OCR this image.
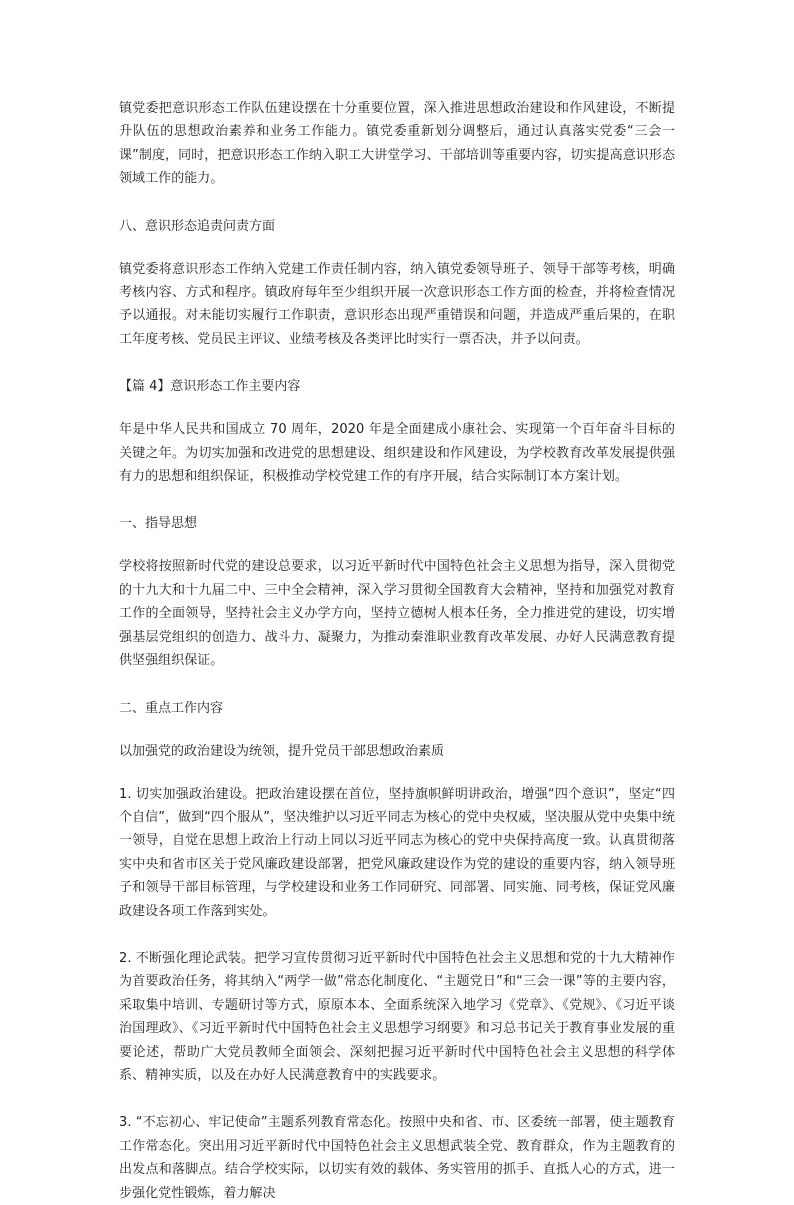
镇党委把意识形态工作队伍建设摆在十分重要位置，深入推进思想政治建设和作风建设，不断提升队伍的思想政治素养和业务工作能力。镇党委重新划分调整后，通过认真落实党委“三会一课”制度，同时，把意识形态工作纳入职工大讲堂学习、干部培训等重要内容，切实提高意识形态领域工作的能力。

八、意识形态追责问责方面

镇党委将意识形态工作纳入党建工作责任制内容，纳入镇党委领导班子、领导干部等考核，明确考核内容、方式和程序。镇政府每年至少组织开展一次意识形态工作方面的检查，并将检查情况予以通报。对未能切实履行工作职责，意识形态出现严重错误和问题，并造成严重后果的，在职工年度考核、党员民主评议、业绩考核及各类评比时实行一票否决，并予以问责。

【篇 4】意识形态工作主要内容

年是中华人民共和国成立 70 周年，2020 年是全面建成小康社会、实现第一个百年奋斗目标的关键之年。为切实加强和改进党的思想建设、组织建设和作风建设，为学校教育改革发展提供强有力的思想和组织保证，积极推动学校党建工作的有序开展，结合实际制订本方案计划。

一、指导思想

学校将按照新时代党的建设总要求，以习近平新时代中国特色社会主义思想为指导，深入贯彻党的十九大和十九届二中、三中全会精神，深入学习贯彻全国教育大会精神，坚持和加强党对教育工作的全面领导，坚持社会主义办学方向，坚持立德树人根本任务，全力推进党的建设，切实增强基层党组织的创造力、战斗力、凝聚力，为推动秦淮职业教育改革发展、办好人民满意教育提供坚强组织保证。

二、重点工作内容

以加强党的政治建设为统领，提升党员干部思想政治素质

1. 切实加强政治建设。把政治建设摆在首位，坚持旗帜鲜明讲政治，增强“四个意识”，坚定“四个自信”，做到“四个服从”，坚决维护以习近平同志为核心的党中央权威，坚决服从党中央集中统一领导，自觉在思想上政治上行动上同以习近平同志为核心的党中央保持高度一致。认真贯彻落实中央和省市区关于党风廉政建设部署，把党风廉政建设作为党的建设的重要内容，纳入领导班子和领导干部目标管理，与学校建设和业务工作同研究、同部署、同实施、同考核，保证党风廉政建设各项工作落到实处。

2. 不断强化理论武装。把学习宣传贯彻习近平新时代中国特色社会主义思想和党的十九大精神作为首要政治任务，将其纳入“两学一做”常态化制度化、“主题党日”和“三会一课”等的主要内容，采取集中培训、专题研讨等方式，原原本本、全面系统深入地学习《党章》、《党规》、《习近平谈治国理政》、《习近平新时代中国特色社会主义思想学习纲要》和习总书记关于教育事业发展的重要论述，帮助广大党员教师全面领会、深刻把握习近平新时代中国特色社会主义思想的科学体系、精神实质，以及在办好人民满意教育中的实践要求。

3. “不忘初心、牢记使命”主题系列教育常态化。按照中央和省、市、区委统一部署，使主题教育工作常态化。突出用习近平新时代中国特色社会主义思想武装全党、教育群众，作为主题教育的出发点和落脚点。结合学校实际，以切实有效的载体、务实管用的抓手、直抵人心的方式，进一步强化党性锻炼，着力解决
